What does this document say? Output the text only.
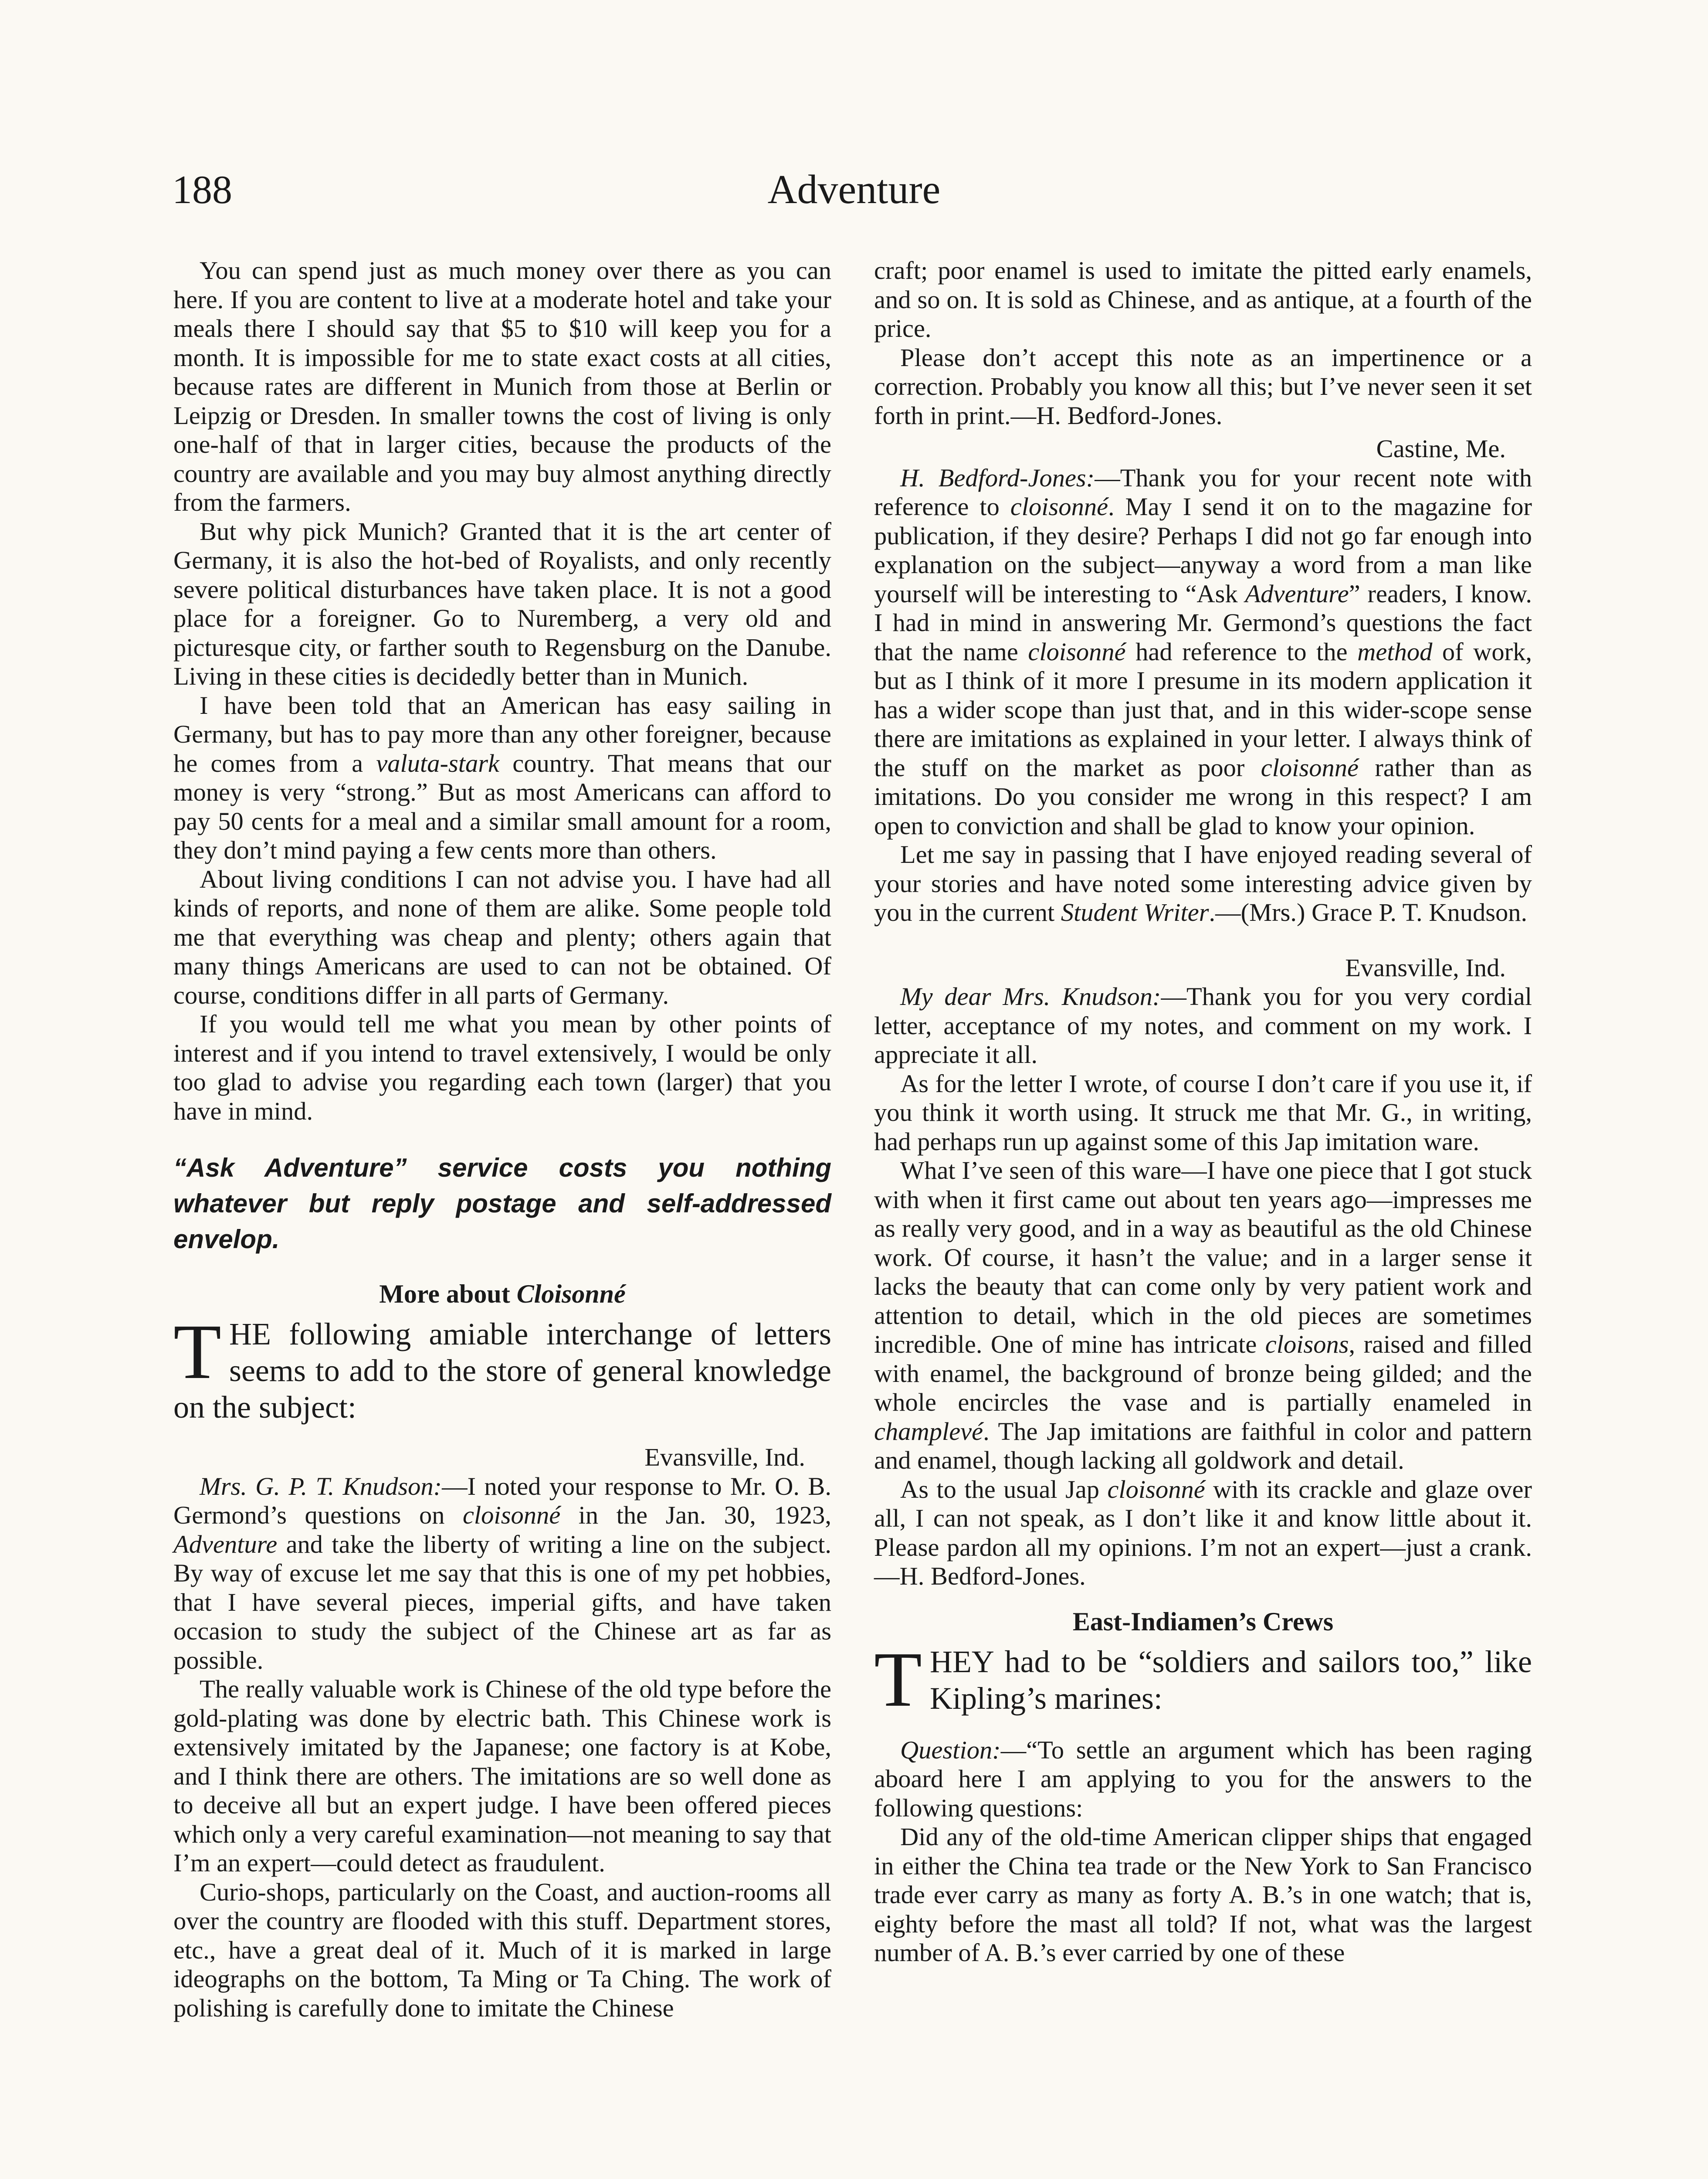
188	Adventure

You can spend just as much money over there as you can here. If you are content to live at a moderate hotel and take your meals there I should say that $5 to $10 will keep you for a month. It is impossible for me to state exact costs at all cities, because rates are different in Munich from those at Berlin or Leipzig or Dresden. In smaller towns the cost of living is only one-half of that in larger cities, because the products of the country are available and you may buy almost anything directly from the farmers.

But why pick Munich? Granted that it is the art center of Germany, it is also the hot-bed of Royalists, and only recently severe political disturbances have taken place. It is not a good place for a foreigner. Go to Nuremberg, a very old and picturesque city, or farther south to Regensburg on the Danube. Living in these cities is decidedly better than in Munich.

I have been told that an American has easy sailing in Germany, but has to pay more than any other foreigner, because he comes from a valuta-stark country. That means that our money is very “strong.” But as most Americans can afford to pay 50 cents for a meal and a similar small amount for a room, they don’t mind paying a few cents more than others.

About living conditions I can not advise you. I have had all kinds of reports, and none of them are alike. Some people told me that everything was cheap and plenty; others again that many things Americans are used to can not be obtained. Of course, conditions differ in all parts of Germany.

If you would tell me what you mean by other points of interest and if you intend to travel extensively, I would be only too glad to advise you regarding each town (larger) that you have in mind.

“Ask Adventure” service costs you nothing whatever but reply postage and self-addressed envelop.
More about Cloisonné

THE following amiable interchange of letters seems to add to the store of general knowledge on the subject:

Evansville, Ind.

Mrs. G. P. T. Knudson:—I noted your response to Mr. O. B. Germond’s questions on cloisonné in the Jan. 30, 1923, Adventure and take the liberty of writing a line on the subject. By way of excuse let me say that this is one of my pet hobbies, that I have several pieces, imperial gifts, and have taken occasion to study the subject of the Chinese art as far as possible.

The really valuable work is Chinese of the old type before the gold-plating was done by electric bath. This Chinese work is extensively imitated by the Japanese; one factory is at Kobe, and I think there are others. The imitations are so well done as to deceive all but an expert judge. I have been offered pieces which only a very careful examination—not meaning to say that I’m an expert—could detect as fraudulent.

Curio-shops, particularly on the Coast, and auction-rooms all over the country are flooded with this stuff. Department stores, etc., have a great deal of it. Much of it is marked in large ideographs on the bottom, Ta Ming or Ta Ching. The work of polishing is carefully done to imitate the Chinese

craft; poor enamel is used to imitate the pitted early enamels, and so on. It is sold as Chinese, and as antique, at a fourth of the price.

Please don’t accept this note as an impertinence or a correction. Probably you know all this; but I’ve never seen it set forth in print.—H. Bedford-Jones.

Castine, Me.

H. Bedford-Jones:—Thank you for your recent note with reference to cloisonné. May I send it on to the magazine for publication, if they desire? Perhaps I did not go far enough into explanation on the subject—anyway a word from a man like yourself will be interesting to “Ask Adventure” readers, I know. I had in mind in answering Mr. Germond’s questions the fact that the name cloisonné had reference to the method of work, but as I think of it more I presume in its modern application it has a wider scope than just that, and in this wider-scope sense there are imitations as explained in your letter. I always think of the stuff on the market as poor cloisonné rather than as imitations. Do you consider me wrong in this respect? I am open to conviction and shall be glad to know your opinion.

Let me say in passing that I have enjoyed reading several of your stories and have noted some interesting advice given by you in the current Student Writer.—(Mrs.) Grace P. T. Knudson.

Evansville, Ind.

My dear Mrs. Knudson:—Thank you for you very cordial letter, acceptance of my notes, and comment on my work. I appreciate it all.

As for the letter I wrote, of course I don’t care if you use it, if you think it worth using. It struck me that Mr. G., in writing, had perhaps run up against some of this Jap imitation ware.

What I’ve seen of this ware—I have one piece that I got stuck with when it first came out about ten years ago—impresses me as really very good, and in a way as beautiful as the old Chinese work. Of course, it hasn’t the value; and in a larger sense it lacks the beauty that can come only by very patient work and attention to detail, which in the old pieces are sometimes incredible. One of mine has intricate cloisons, raised and filled with enamel, the background of bronze being gilded; and the whole encircles the vase and is partially enameled in champlevé. The Jap imitations are faithful in color and pattern and enamel, though lacking all goldwork and detail.

As to the usual Jap cloisonné with its crackle and glaze over all, I can not speak, as I don’t like it and know little about it. Please pardon all my opinions. I’m not an expert—just a crank.—H. Bedford-Jones.

East-Indiamen’s Crews

THEY had to be “soldiers and sailors too,” like Kipling’s marines:

Question:—“To settle an argument which has been raging aboard here I am applying to you for the answers to the following questions:

Did any of the old-time American clipper ships that engaged in either the China tea trade or the New York to San Francisco trade ever carry as many as forty A. B.’s in one watch; that is, eighty before the mast all told? If not, what was the largest number of A. B.’s ever carried by one of these
